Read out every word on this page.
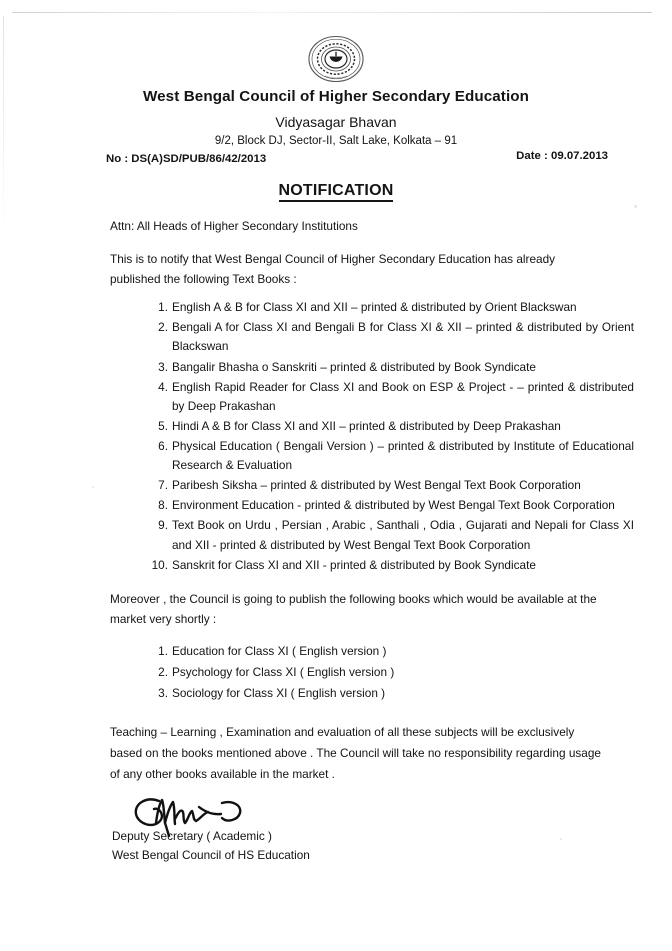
West Bengal Council of Higher Secondary Education
Vidyasagar Bhavan
9/2, Block DJ, Sector-II, Salt Lake, Kolkata – 91
No : DS(A)SD/PUB/86/42/2013	Date : 09.07.2013
NOTIFICATION

Attn: All Heads of Higher Secondary Institutions

This is to notify that West Bengal Council of Higher Secondary Education has already published the following Text Books :

English A & B for Class XI and XII – printed & distributed by Orient Blackswan
Bengali A for Class XI and Bengali B for Class XI & XII – printed & distributed by Orient Blackswan
Bangalir Bhasha o Sanskriti – printed & distributed by Book Syndicate
English Rapid Reader for Class XI and Book on ESP & Project - – printed & distributed by Deep Prakashan
Hindi A & B for Class XI and XII – printed & distributed by Deep Prakashan
Physical Education ( Bengali Version ) – printed & distributed by Institute of Educational Research & Evaluation
Paribesh Siksha – printed & distributed by West Bengal Text Book Corporation
Environment Education - printed & distributed by West Bengal Text Book Corporation
Text Book on Urdu , Persian , Arabic , Santhali , Odia , Gujarati and Nepali for Class XI and XII - printed & distributed by West Bengal Text Book Corporation
Sanskrit for Class XI and XII - printed & distributed by Book Syndicate

Moreover , the Council is going to publish the following books which would be available at the market very shortly :

Education for Class XI ( English version )
Psychology for Class XI ( English version )
Sociology for Class XI ( English version )

Teaching – Learning , Examination and evaluation of all these subjects will be exclusively based on the books mentioned above . The Council will take no responsibility regarding usage of any other books available in the market .

Deputy Secretary ( Academic )
West Bengal Council of HS Education
